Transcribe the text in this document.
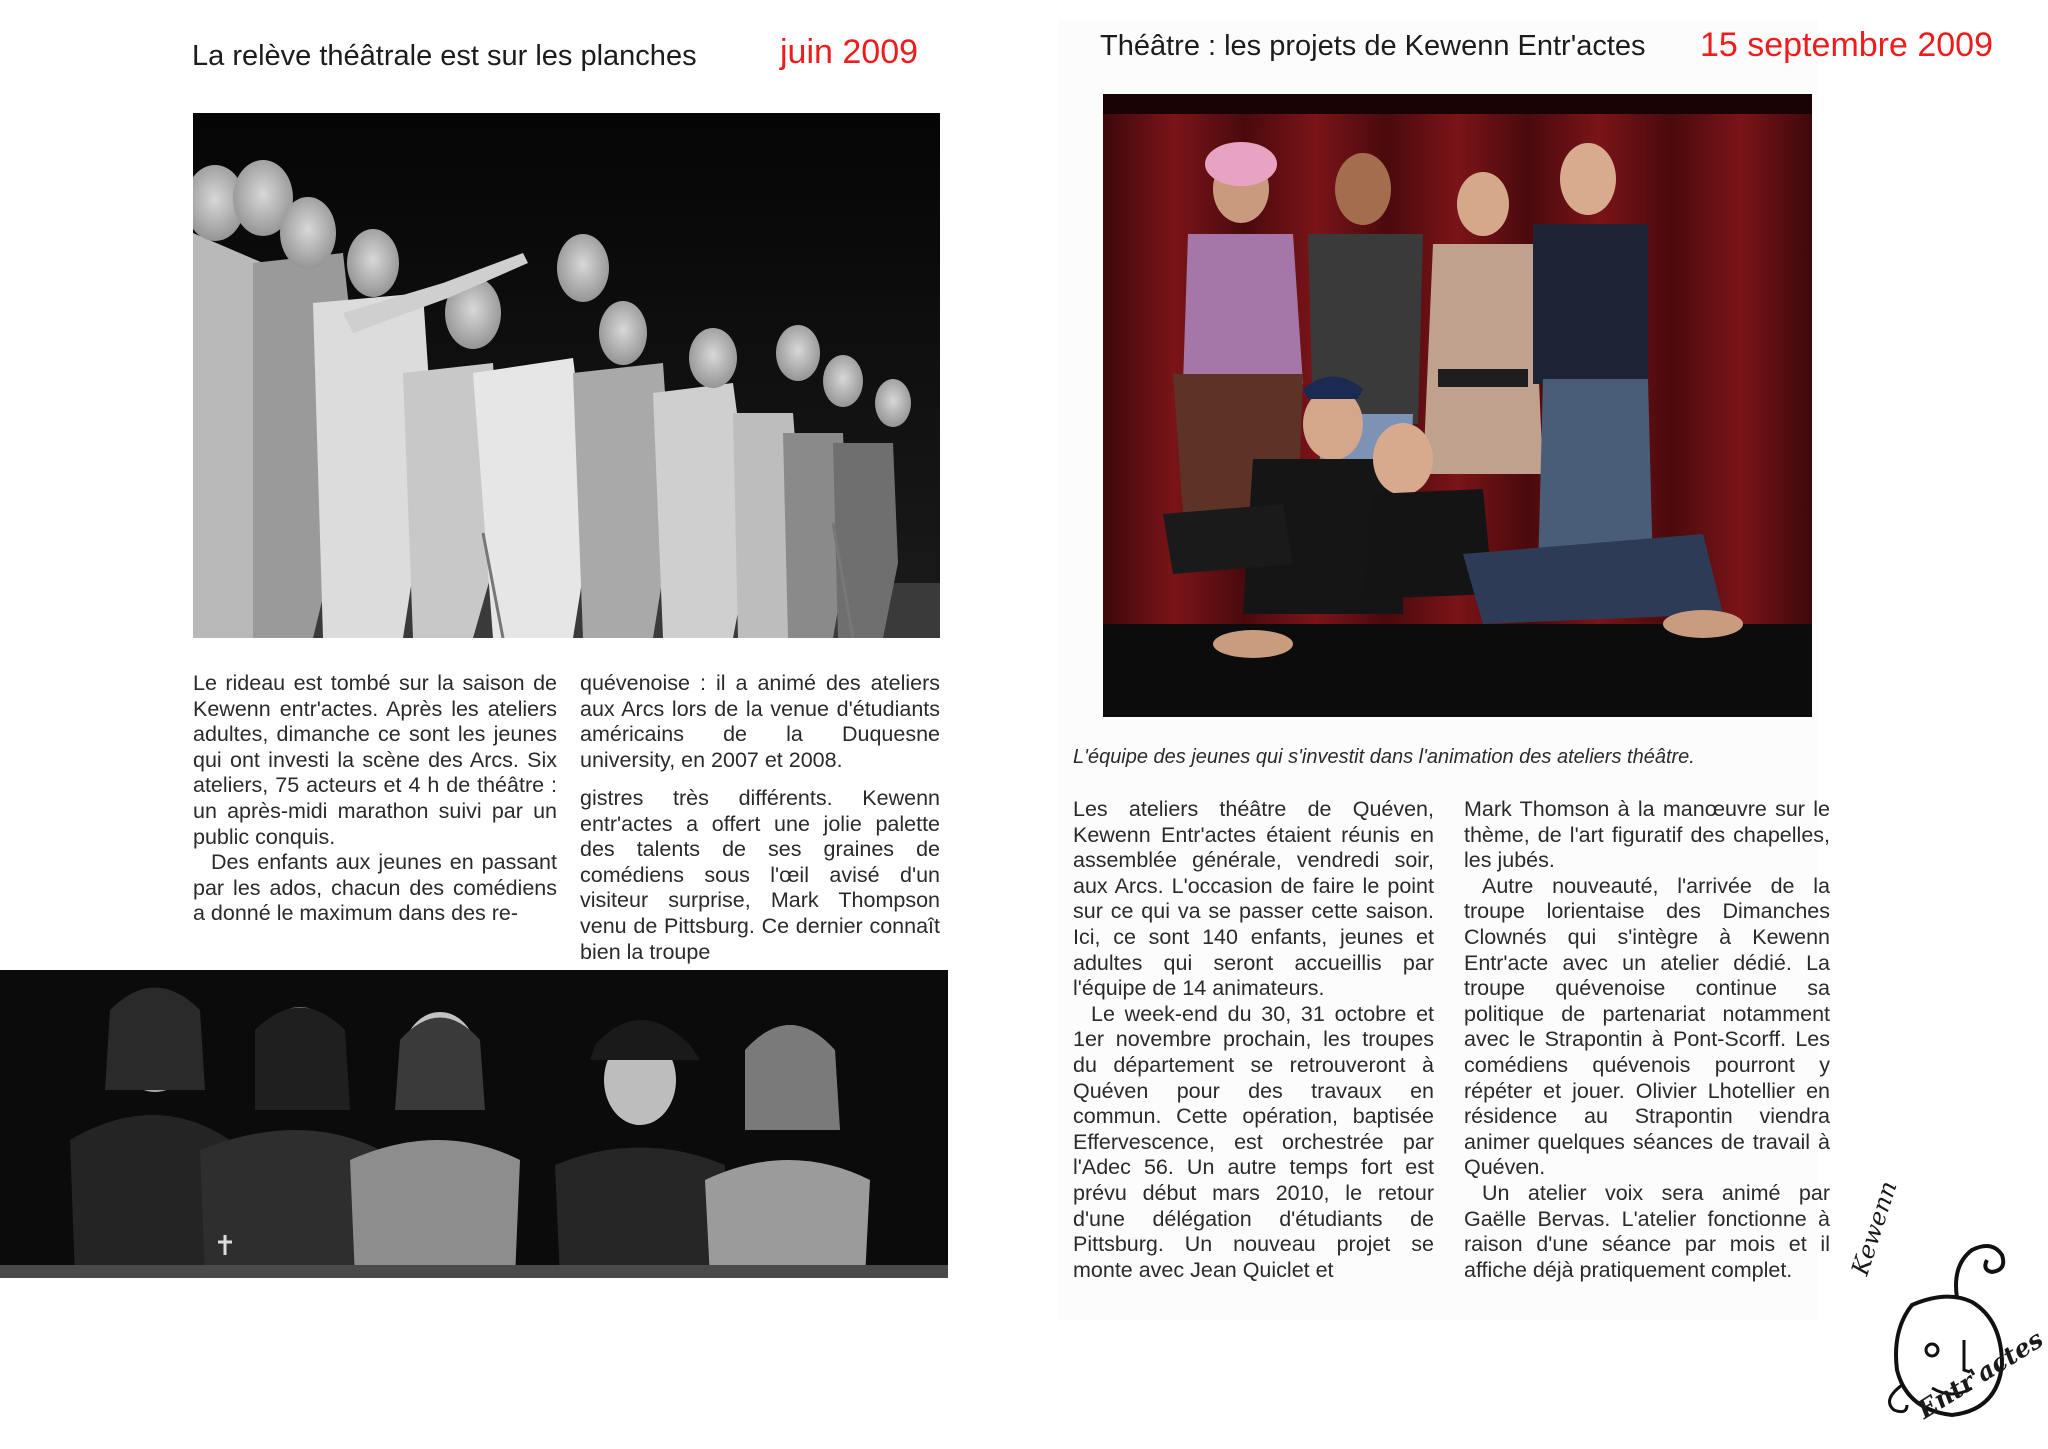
La relève théâtrale est sur les planches juin 2009

Le rideau est tombé sur la saison de Kewenn entr'actes. Après les ateliers adultes, dimanche ce sont les jeunes qui ont investi la scène des Arcs. Six ateliers, 75 acteurs et 4 h de théâtre : un après-midi marathon suivi par un public conquis.

Des enfants aux jeunes en passant par les ados, chacun des comédiens a donné le maximum dans des re-

quévenoise : il a animé des ateliers aux Arcs lors de la venue d'étudiants américains de la Duquesne university, en 2007 et 2008.

gistres très différents. Kewenn entr'actes a offert une jolie palette des talents de ses graines de comédiens sous l'œil avisé d'un visiteur surprise, Mark Thompson venu de Pittsburg. Ce dernier connaît bien la troupe

Théâtre : les projets de Kewenn Entr'actes 15 septembre 2009
L'équipe des jeunes qui s'investit dans l'animation des ateliers théâtre.

Les ateliers théâtre de Quéven, Kewenn Entr'actes étaient réunis en assemblée générale, vendredi soir, aux Arcs. L'occasion de faire le point sur ce qui va se passer cette saison. Ici, ce sont 140 enfants, jeunes et adultes qui seront accueillis par l'équipe de 14 animateurs.

Le week-end du 30, 31 octobre et 1er novembre prochain, les troupes du département se retrouveront à Quéven pour des travaux en commun. Cette opération, baptisée Effervescence, est orchestrée par l'Adec 56. Un autre temps fort est prévu début mars 2010, le retour d'une délégation d'étudiants de Pittsburg. Un nouveau projet se monte avec Jean Quiclet et

Mark Thomson à la manœuvre sur le thème, de l'art figuratif des chapelles, les jubés.

Autre nouveauté, l'arrivée de la troupe lorientaise des Dimanches Clownés qui s'intègre à Kewenn Entr'acte avec un atelier dédié. La troupe quévenoise continue sa politique de partenariat notamment avec le Strapontin à Pont-Scorff. Les comédiens quévenois pourront y répéter et jouer. Olivier Lhotellier en résidence au Strapontin viendra animer quelques séances de travail à Quéven.

Un atelier voix sera animé par Gaëlle Bervas. L'atelier fonctionne à raison d'une séance par mois et il affiche déjà pratiquement complet.	Kewenn
Entr'actes
